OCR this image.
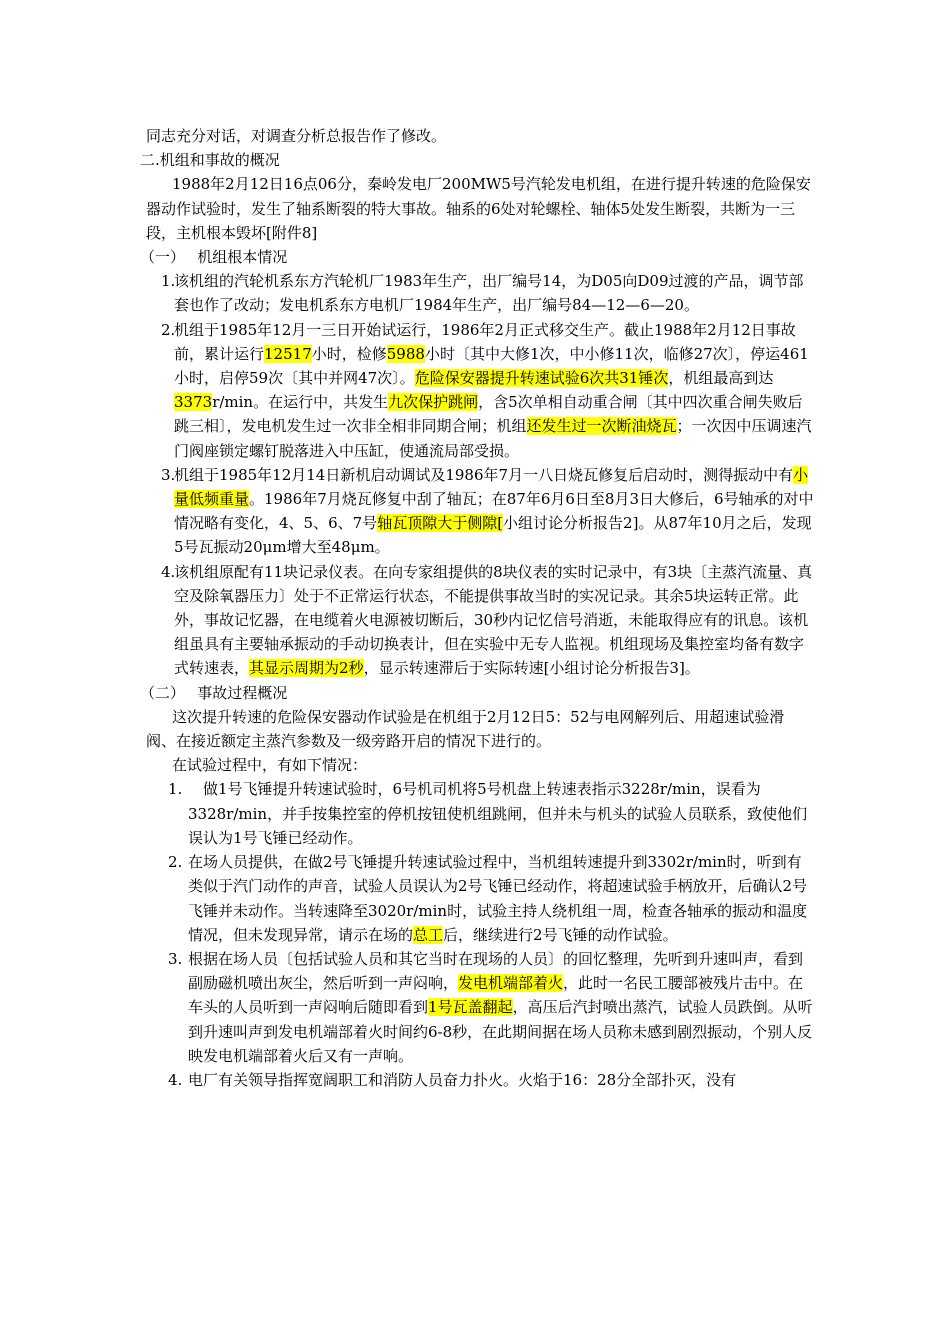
同志充分对话，对调查分析总报告作了修改。

二.机组和事故的概况

1988年2月12日16点06分，秦岭发电厂200MW5号汽轮发电机组，在进行提升转速的危险保安器动作试验时，发生了轴系断裂的特大事故。轴系的6处对轮螺栓、轴体5处发生断裂，共断为一三段，主机根本毁坏[附件8]

（一）　 机组根本情况

1.
该机组的汽轮机系东方汽轮机厂1983年生产，出厂编号14，为D05向D09过渡的产品，调节部套也作了改动；发电机系东方电机厂1984年生产，出厂编号84—12—6—20。
2.
机组于1985年12月一三日开始试运行，1986年2月正式移交生产。截止1988年2月12日事故前，累计运行12517小时，检修5988小时〔其中大修1次，中小修11次，临修27次〕，停运461小时，启停59次〔其中并网47次〕。危险保安器提升转速试验6次共31锤次，机组最高到达3373r/min。在运行中，共发生九次保护跳闸，含5次单相自动重合闸〔其中四次重合闸失败后跳三相〕，发电机发生过一次非全相非同期合闸；机组还发生过一次断油烧瓦；一次因中压调速汽门阀座锁定螺钉脱落进入中压缸，使通流局部受损。
3.
机组于1985年12月14日新机启动调试及1986年7月一八日烧瓦修复后启动时，测得振动中有小量低频重量。1986年7月烧瓦修复中刮了轴瓦；在87年6月6日至8月3日大修后，6号轴承的对中情况略有变化，4、5、6、7号轴瓦顶隙大于侧隙[小组讨论分析报告2]。从87年10月之后，发现5号瓦振动20μm增大至48μm。
4.
该机组原配有11块记录仪表。在向专家组提供的8块仪表的实时记录中，有3块〔主蒸汽流量、真空及除氧器压力〕处于不正常运行状态，不能提供事故当时的实况记录。其余5块运转正常。此外，事故记忆器，在电缆着火电源被切断后，30秒内记忆信号消逝，未能取得应有的讯息。该机组虽具有主要轴承振动的手动切换表计，但在实验中无专人监视。机组现场及集控室均备有数字式转速表，其显示周期为2秒，显示转速滞后于实际转速[小组讨论分析报告3]。

（二）　 事故过程概况

这次提升转速的危险保安器动作试验是在机组于2月12日5：52与电网解列后、用超速试验滑阀、在接近额定主蒸汽参数及一级旁路开启的情况下进行的。

在试验过程中，有如下情况：

1. 　做1号飞锤提升转速试验时，6号机司机将5号机盘上转速表指示3228r/min，误看为3328r/min，并手按集控室的停机按钮使机组跳闸，但并未与机头的试验人员联系，致使他们误认为1号飞锤已经动作。
2. 在场人员提供，在做2号飞锤提升转速试验过程中，当机组转速提升到3302r/min时，听到有类似于汽门动作的声音，试验人员误认为2号飞锤已经动作，将超速试验手柄放开，后确认2号飞锤并未动作。当转速降至3020r/min时，试验主持人绕机组一周，检查各轴承的振动和温度情况，但未发现异常，请示在场的总工后，继续进行2号飞锤的动作试验。
3. 根据在场人员〔包括试验人员和其它当时在现场的人员〕的回忆整理，先听到升速叫声，看到副励磁机喷出灰尘，然后听到一声闷响，发电机端部着火，此时一名民工腰部被残片击中。在车头的人员听到一声闷响后随即看到1号瓦盖翻起，高压后汽封喷出蒸汽，试验人员跌倒。从听到升速叫声到发电机端部着火时间约6-8秒，在此期间据在场人员称未感到剧烈振动，个别人反映发电机端部着火后又有一声响。
4. 电厂有关领导指挥宽阔职工和消防人员奋力扑火。火焰于16：28分全部扑灭，没有
